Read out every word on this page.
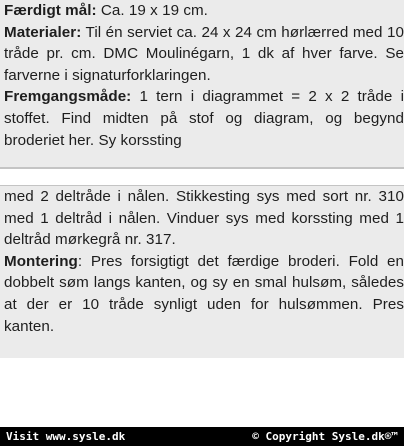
Færdigt mål: Ca. 19 x 19 cm.

Materialer: Til én serviet ca. 24 x 24 cm hørlærred med 10 tråde pr. cm. DMC Moulinégarn, 1 dk af hver farve. Se farverne i signaturforklaringen.

Fremgangsmåde: 1 tern i diagrammet = 2 x 2 tråde i stoffet. Find midten på stof og diagram, og begynd broderiet her. Sy korssting

med 2 deltråde i nålen. Stikkesting sys med sort nr. 310 med 1 deltråd i nålen. Vinduer sys med korssting med 1 deltråd mørkegrå nr. 317.

Montering: Pres forsigtigt det færdige broderi. Fold en dobbelt søm langs kanten, og sy en smal hulsøm, således at der er 10 tråde synligt uden for hulsømmen. Pres kanten.

Visit www.sysle.dk	© Copyright Sysle.dk®™
